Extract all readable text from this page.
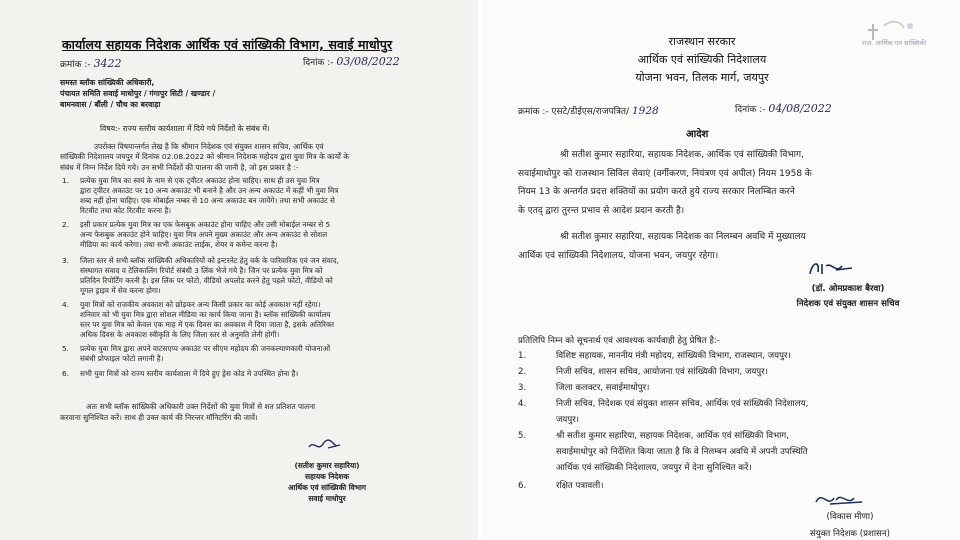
कार्यालय सहायक निदेशक आर्थिक एवं सांख्यिकी विभाग, सवाई माधोपुर
क्रमांक :- 3422	दिनांक :- 03/08/2022
समस्त ब्लॉक सांख्यिकी अधिकारी,
पंचायत समिति सवाई माधोपुर / गंगापुर सिटी / खण्डार /
बामनवास / बौंली / चौथ का बरवाड़ा
विषय:- राज्य स्तरीय कार्यशाला में दिये गये निर्देशों के संबंध में।
उपरोक्त विषयान्तर्गत लेख है कि श्रीमान निदेशक एवं संयुक्त शासन सचिव, आर्थिक एवं
सांख्यिकी निदेशालय जयपुर में दिनांक 02.08.2022 को श्रीमान निदेशक महोदय द्वारा युवा मित्र के कार्यों के
संबंध में निम्न निर्देश दिये गये। उन सभी निर्देशों की पालना की जानी है, जो इस प्रकार है :-
1.	प्रत्येक युवा मित्र का स्वयं के नाम से एक ट्वीटर अकाउंट होना चाहिए। साथ ही उस युवा मित्र
द्वारा ट्वीटर अकाउंट पर 10 अन्य अकाउंट भी बनाने है और उन अन्य अकाउंट में कहीं भी युवा मित्र
शब्द नहीं होना चाहिए। एक मोबाईल नम्बर से 10 अन्य अकाउंट बन जायेंगे। तथा सभी अकाउंट से
रिटवीट तथा कोट रिटवीट करना है।
2.	इसी प्रकार प्रत्येक युवा मित्र का एक फेसबुक अकाउंट होना चाहिए और उसी मोबाईल नम्बर से 5
अन्य फेसबुक अकाउंट होने चाहिए। युवा मित्र अपने मुख्य अकाउंट और अन्य अकाउंट से सोशल
मीडिया का कार्य करेगा। तथा सभी अकाउंट लाईक, शेयर व कमेन्ट करना है।
3.	जिला स्तर से सभी ब्लॉक सांख्यिकी अधिकारियों को इन्टरनेट हेतु वर्क के पारिवारिक एवं जन संवाद,
संस्थागत संवाद व टेलिकालिंग रिपोर्ट संबंधी 3 लिंक भेजे गये है। जिन पर प्रत्येक युवा मित्र को
प्रतिदिन रिपोर्टिंग करनी है। इस लिंक पर फोटो, वीडियो अपलोड करने हेतु पहले फोटो, वीडियो को
गूगल ड्राइव में सेव करना होगा।
4.	युवा मित्रों को राजकीय अवकाश को छोड़कर अन्य किसी प्रकार का कोई अवकाश नहीं रहेगा।
शनिवार को भी युवा मित्र द्वारा सोशल मीडिया का कार्य किया जाना है। ब्लॉक सांख्यिकी कार्यालय
स्तर पर युवा मित्र को केवल एक माह में एक दिवस का अवकाश में दिया जाता है, इसके अतिरिक्त
अधिक दिवस के अवकाश स्वीकृति के लिए जिला स्तर से अनुमति लेनी होगी।
5.	प्रत्येक युवा मित्र द्वारा अपने वाटसएप्प अकाउंट पर सीएम महोदय की जनकल्याणकारी योजनाओं
संबंधी प्रोफाइल फोटो लगानी है।
6.	सभी युवा मित्रों को राज्य स्तरीय कार्यशाला में दिये हुए ड्रेस कोड मे उपस्थित होना है।
अतः सभी ब्लॉक सांख्यिकी अधिकारी उक्त निर्देशों की युवा मित्रों से शत प्रतिशत पालना
करवाना सुनिश्चित करें। साथ ही उक्त कार्य की निरन्तर मॉनिटरिंग की जावें।
(सतीश कुमार सहारिया)
सहायक निदेशक
आर्थिक एवं सांख्यिकी विभाग
सवाई माधोपुर
राज. आर्थिक एवं सांख्यिकी
राजस्थान सरकार
आर्थिक एवं सांख्यिकी निदेशालय
योजना भवन, तिलक मार्ग, जयपुर
क्रमांक :- एसटे/डीईएस/राजपत्रित/ 1928	दिनांक :- 04/08/2022
आदेश
श्री सतीश कुमार सहारिया, सहायक निदेशक, आर्थिक एवं सांख्यिकी विभाग,
सवाईमाधोपुर को राजस्थान सिविल सेवाएं (वर्गीकरण, नियंत्रण एवं अपील) नियम 1958 के
नियम 13 के अन्तर्गत प्रदत्त शक्तियों का प्रयोग करते हुये राज्य सरकार निलम्बित करने
के एतद् द्वारा तुरन्त प्रभाव से आदेश प्रदान करती है।
श्री सतीश कुमार सहारिया, सहायक निदेशक का निलम्बन अवधि में मुख्यालय
आर्थिक एवं सांख्यिकी निदेशालय, योजना भवन, जयपुर रहेगा।
(डॉ. ओमप्रकाश बैरवा)
निदेशक एवं संयुक्त शासन सचिव
प्रतिलिपि निम्न को सूचनार्थ एवं आवश्यक कार्यवाही हेतु प्रेषित है:-
1.	विशिष्ट सहायक, माननीय मंत्री महोदय, सांख्यिकी विभाग, राजस्थान, जयपुर।
2.	निजी सचिव, शासन सचिव, आयोजना एवं सांख्यिकी विभाग, जयपुर।
3.	जिला कलक्टर, सवाईमाधोपुर।
4.	निजी सचिव, निदेशक एवं संयुक्त शासन सचिव, आर्थिक एवं सांख्यिकी निदेशालय,
जयपुर।
5.	श्री सतीश कुमार सहारिया, सहायक निदेशक, आर्थिक एवं सांख्यिकी विभाग,
सवाईमाधोपुर को निर्देशित किया जाता है कि वे निलम्बन अवधि में अपनी उपस्थिति
आर्थिक एवं सांख्यिकी निदेशालय, जयपुर में देना सुनिश्चित करें।
6.	रक्षित पत्रावली।
(विकास मीणा)
संयुक्त निदेशक (प्रशासन)
